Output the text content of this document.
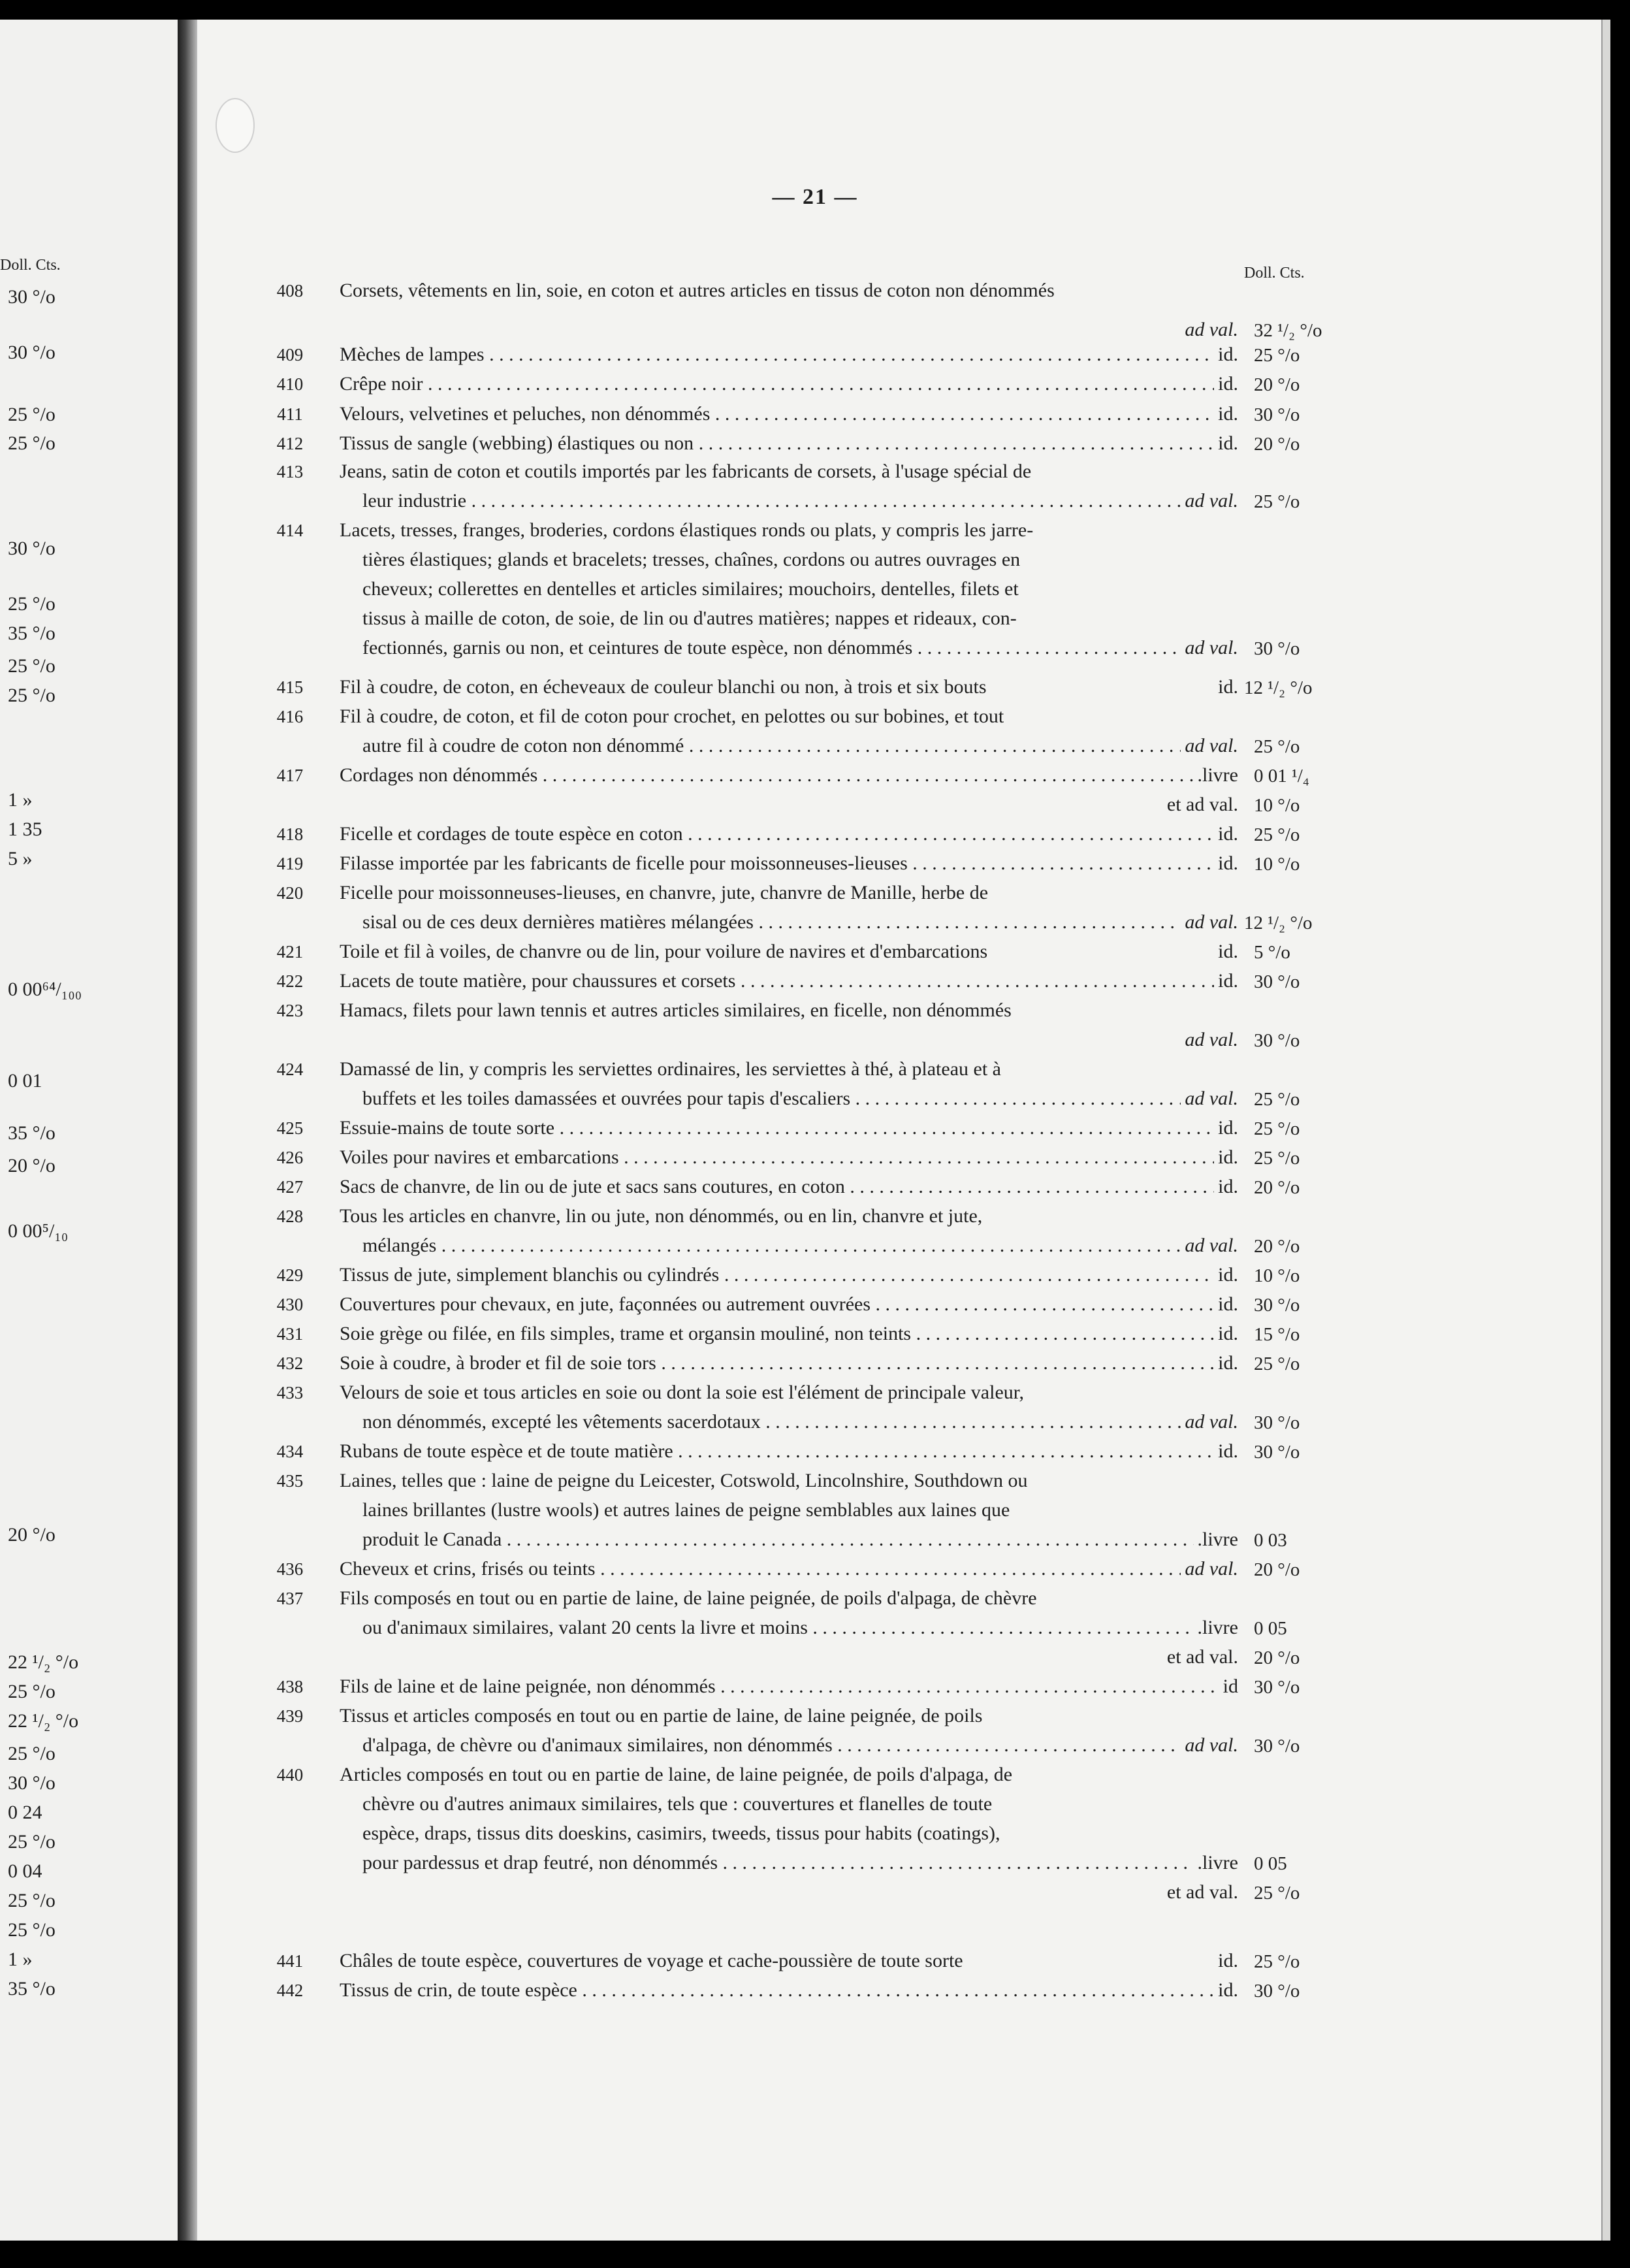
— 21 —
Doll. Cts.	Doll. Cts.
30 °/o
30 °/o
25 °/o
25 °/o
30 °/o
25 °/o
35 °/o
25 °/o
25 °/o
1 »
1 35
5 »
0 00⁶⁴/₁₀₀
0 01
35 °/o
20 °/o
0 00⁵/₁₀
20 °/o
22 ¹/₂ °/o
25 °/o
22 ¹/₂ °/o
25 °/o
30 °/o
0 24
25 °/o
0 04
25 °/o
25 °/o
1 »
35 °/o
408	Corsets, vêtements en lin, soie, en coton et autres articles en tissus de coton non dénommés
ad val. 32 ¹/₂ °/o
409	Mèches de lampes . . .	id. 25 °/o
410	Crêpe noir . . .	id. 20 °/o
411	Velours, velvetines et peluches, non dénommés . . .	id. 30 °/o
412	Tissus de sangle (webbing) élastiques ou non . . .	id. 20 °/o
413	Jeans, satin de coton et coutils importés par les fabricants de corsets, à l'usage spécial de
leur industrie . . .	ad val. 25 °/o
414	Lacets, tresses, franges, broderies, cordons élastiques ronds ou plats, y compris les jarre-
tières élastiques; glands et bracelets; tresses, chaînes, cordons ou autres ouvrages en
cheveux; collerettes en dentelles et articles similaires; mouchoirs, dentelles, filets et
tissus à maille de coton, de soie, de lin ou d'autres matières; nappes et rideaux, con-
fectionnés, garnis ou non, et ceintures de toute espèce, non dénommés . . .	ad val. 30 °/o
415	Fil à coudre, de coton, en écheveaux de couleur blanchi ou non, à trois et six bouts	id. 12 ¹/₂ °/o
416	Fil à coudre, de coton, et fil de coton pour crochet, en pelottes ou sur bobines, et tout
autre fil à coudre de coton non dénommé . . .	ad val. 25 °/o
417	Cordages non dénommés . . .	.livre 0 01 ¹/₄
et ad val. 10 °/o
418	Ficelle et cordages de toute espèce en coton . . .	id. 25 °/o
419	Filasse importée par les fabricants de ficelle pour moissonneuses-lieuses . . .	id. 10 °/o
420	Ficelle pour moissonneuses-lieuses, en chanvre, jute, chanvre de Manille, herbe de
sisal ou de ces deux dernières matières mélangées . . .	ad val. 12 ¹/₂ °/o
421	Toile et fil à voiles, de chanvre ou de lin, pour voilure de navires et d'embarcations	id. 5 °/o
422	Lacets de toute matière, pour chaussures et corsets . . .	id. 30 °/o
423	Hamacs, filets pour lawn tennis et autres articles similaires, en ficelle, non dénommés
ad val. 30 °/o
424	Damassé de lin, y compris les serviettes ordinaires, les serviettes à thé, à plateau et à
buffets et les toiles damassées et ouvrées pour tapis d'escaliers . . .	ad val. 25 °/o
425	Essuie-mains de toute sorte . . .	id. 25 °/o
426	Voiles pour navires et embarcations . . .	id. 25 °/o
427	Sacs de chanvre, de lin ou de jute et sacs sans coutures, en coton . . .	id. 20 °/o
428	Tous les articles en chanvre, lin ou jute, non dénommés, ou en lin, chanvre et jute,
mélangés . . .	ad val. 20 °/o
429	Tissus de jute, simplement blanchis ou cylindrés . . .	id. 10 °/o
430	Couvertures pour chevaux, en jute, façonnées ou autrement ouvrées . . .	id. 30 °/o
431	Soie grège ou filée, en fils simples, trame et organsin mouliné, non teints . . .	id. 15 °/o
432	Soie à coudre, à broder et fil de soie tors . . .	id. 25 °/o
433	Velours de soie et tous articles en soie ou dont la soie est l'élément de principale valeur,
non dénommés, excepté les vêtements sacerdotaux . . .	ad val. 30 °/o
434	Rubans de toute espèce et de toute matière . . .	id. 30 °/o
435	Laines, telles que : laine de peigne du Leicester, Cotswold, Lincolnshire, Southdown ou
laines brillantes (lustre wools) et autres laines de peigne semblables aux laines que
produit le Canada . . .	.livre 0 03
436	Cheveux et crins, frisés ou teints . . .	ad val. 20 °/o
437	Fils composés en tout ou en partie de laine, de laine peignée, de poils d'alpaga, de chèvre
ou d'animaux similaires, valant 20 cents la livre et moins . . .	.livre 0 05
et ad val. 20 °/o
438	Fils de laine et de laine peignée, non dénommés . . .	id 30 °/o
439	Tissus et articles composés en tout ou en partie de laine, de laine peignée, de poils
d'alpaga, de chèvre ou d'animaux similaires, non dénommés . . .	ad val. 30 °/o
440	Articles composés en tout ou en partie de laine, de laine peignée, de poils d'alpaga, de
chèvre ou d'autres animaux similaires, tels que : couvertures et flanelles de toute
espèce, draps, tissus dits doeskins, casimirs, tweeds, tissus pour habits (coatings),
pour pardessus et drap feutré, non dénommés . . .	.livre 0 05
et ad val. 25 °/o
441	Châles de toute espèce, couvertures de voyage et cache-poussière de toute sorte	id. 25 °/o
442	Tissus de crin, de toute espèce . . .	id. 30 °/o
